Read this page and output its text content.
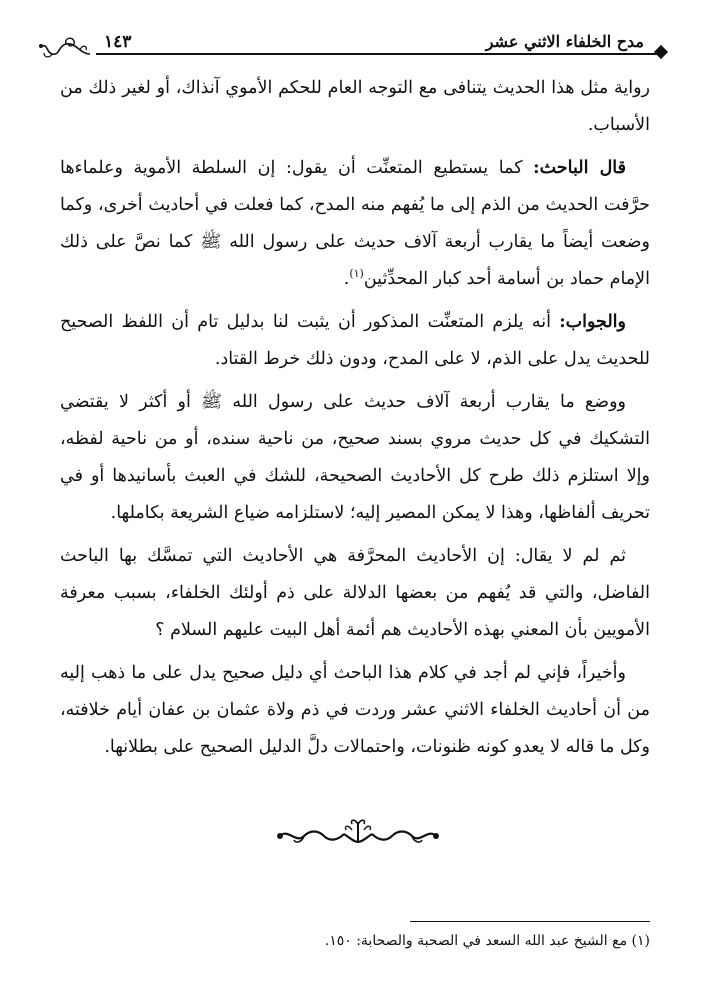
مدح الخلفاء الاثني عشر
١٤٣

رواية مثل هذا الحديث يتنافى مع التوجه العام للحكم الأموي آنذاك، أو لغير ذلك من الأسباب.

قال الباحث: كما يستطيع المتعنِّت أن يقول: إن السلطة الأموية وعلماءها حرَّفت الحديث من الذم إلى ما يُفهم منه المدح، كما فعلت في أحاديث أخرى، وكما وضعت أيضاً ما يقارب أربعة آلاف حديث على رسول الله ﷺ كما نصَّ على ذلك الإمام حماد بن أسامة أحد كبار المحدِّثين$^{(١)}$.

والجواب: أنه يلزم المتعنِّت المذكور أن يثبت لنا بدليل تام أن اللفظ الصحيح للحديث يدل على الذم، لا على المدح، ودون ذلك خرط القتاد.

ووضع ما يقارب أربعة آلاف حديث على رسول الله ﷺ أو أكثر لا يقتضي التشكيك في كل حديث مروي بسند صحيح، من ناحية سنده، أو من ناحية لفظه، وإلا استلزم ذلك طرح كل الأحاديث الصحيحة، للشك في العبث بأسانيدها أو في تحريف ألفاظها، وهذا لا يمكن المصير إليه؛ لاستلزامه ضياع الشريعة بكاملها.

ثم لم لا يقال: إن الأحاديث المحرَّفة هي الأحاديث التي تمسَّك بها الباحث الفاضل، والتي قد يُفهم من بعضها الدلالة على ذم أولئك الخلفاء، بسبب معرفة الأمويين بأن المعني بهذه الأحاديث هم أئمة أهل البيت عليهم السلام ؟

وأخيراً، فإني لم أجد في كلام هذا الباحث أي دليل صحيح يدل على ما ذهب إليه من أن أحاديث الخلفاء الاثني عشر وردت في ذم ولاة عثمان بن عفان أيام خلافته، وكل ما قاله لا يعدو كونه ظنونات، واحتمالات دلَّ الدليل الصحيح على بطلانها.

(١) مع الشيخ عبد الله السعد في الصحبة والصحابة: ١٥٠.
